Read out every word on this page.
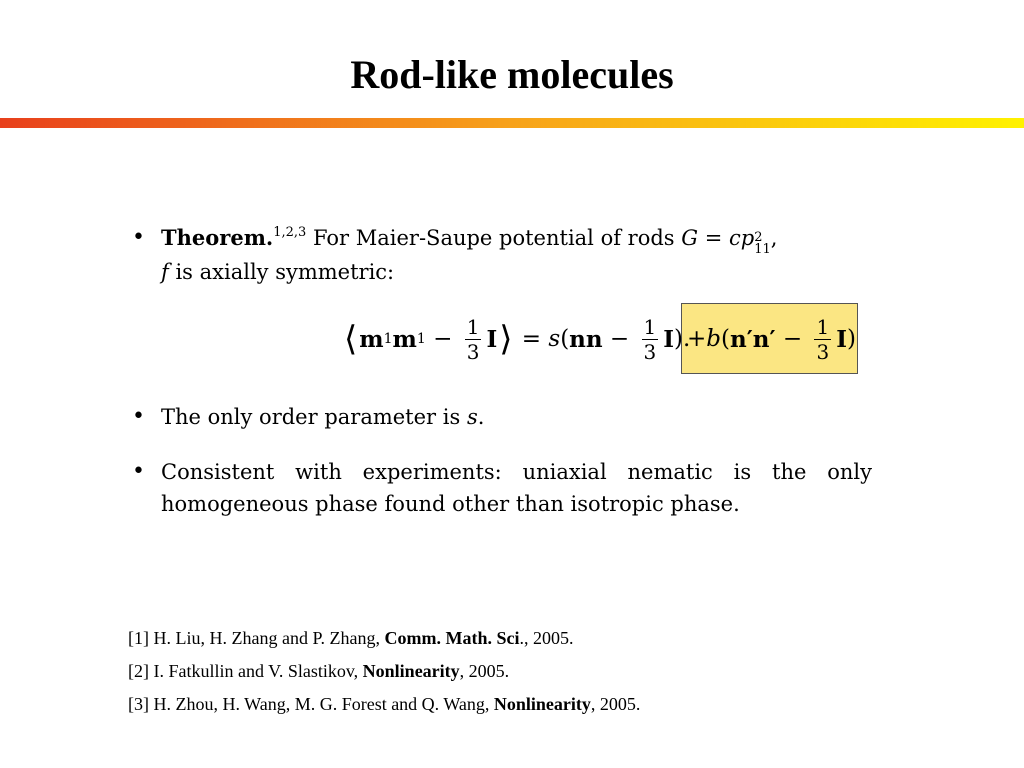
Rod-like molecules
• Theorem.$^{1,2,3}$ For Maier-Saupe potential of rods G = cp 2
11 ,
f is axially symmetric:
⟨ m 1 m $1 - \frac{1}{3}$ I ⟩ = s ( nn − $\frac{1}{3}$ I ).
+ b ( $n'n' - \frac{1}{3}$ I )
• The only order parameter is s.
• Consistent with experiments: uniaxial nematic is the only homogeneous phase found other than isotropic phase.
[1] H. Liu, H. Zhang and P. Zhang, Comm. Math. Sci., 2005.
[2] I. Fatkullin and V. Slastikov, Nonlinearity, 2005.
[3] H. Zhou, H. Wang, M. G. Forest and Q. Wang, Nonlinearity, 2005.
